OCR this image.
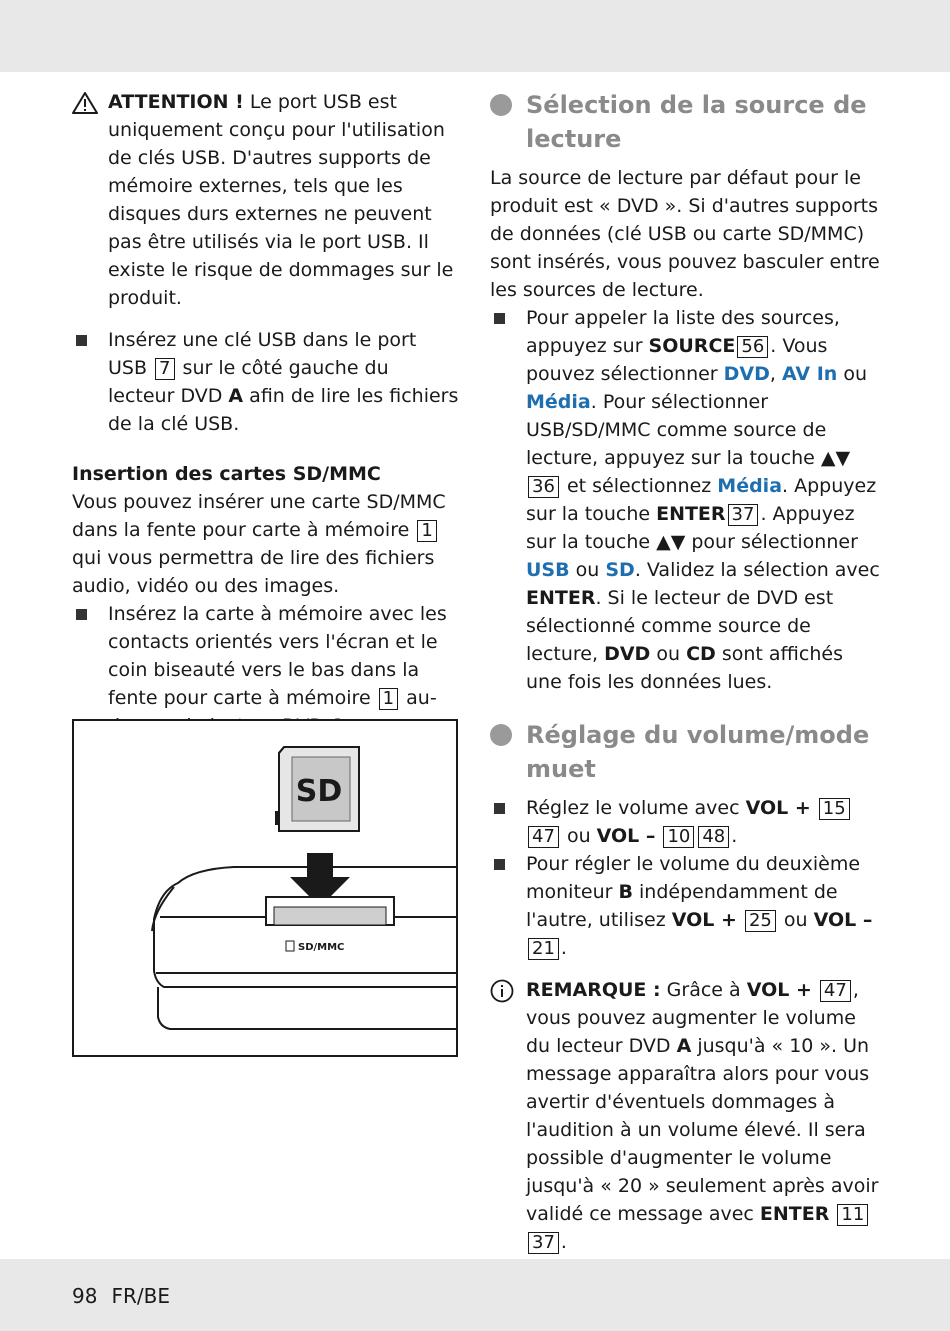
ATTENTION ! Le port USB est uniquement conçu pour l'utilisation de clés USB. D'autres supports de mémoire externes, tels que les disques durs externes ne peuvent pas être utilisés via le port USB. Il existe le risque de dommages sur le produit.
Insérez une clé USB dans le port USB 7 sur le côté gauche du lecteur DVD A afin de lire les fichiers de la clé USB.
Insertion des cartes SD/MMC
Vous pouvez insérer une carte SD/MMC dans la fente pour carte à mémoire 1 qui vous permettra de lire des fichiers audio, vidéo ou des images.
Insérez la carte à mémoire avec les contacts orientés vers l'écran et le coin biseauté vers le bas dans la fente pour carte à mémoire 1 au-
SD
SD/MMC
Sélection de la source de lecture
La source de lecture par défaut pour le produit est « DVD ». Si d'autres supports de données (clé USB ou carte SD/MMC) sont insérés, vous pouvez basculer entre les sources de lecture.
Pour appeler la liste des sources, appuyez sur SOURCE 56 . Vous pouvez sélectionner DVD, AV In ou Média. Pour sélectionner USB/SD/MMC comme source de lecture, appuyez sur la touche ▲▼36 et sélectionnez Média. Appuyez sur la touche ENTER 37 . Appuyez sur la touche ▲▼ pour sélectionner USB ou SD. Validez la sélection avec ENTER. Si le lecteur de DVD est sélectionné comme source de lecture, DVD ou CD sont affichés une fois les données lues.
Réglage du volume/mode muet
Réglez le volume avec VOL + 1547 ou VOL – 10 48 .
Pour régler le volume du deuxième moniteur B indépendamment de l'autre, utilisez VOL + 25 ou VOL – 21 .
REMARQUE : Grâce à VOL + 47 , vous pouvez augmenter le volume du lecteur DVD A jusqu'à « 10 ». Un message apparaîtra alors pour vous avertir d'éventuels dommages à l'audition à un volume élevé. Il sera possible d'augmenter le volume jusqu'à « 20 » seulement après avoir validé ce message avec ENTER 1137 .
98 FR/BE
